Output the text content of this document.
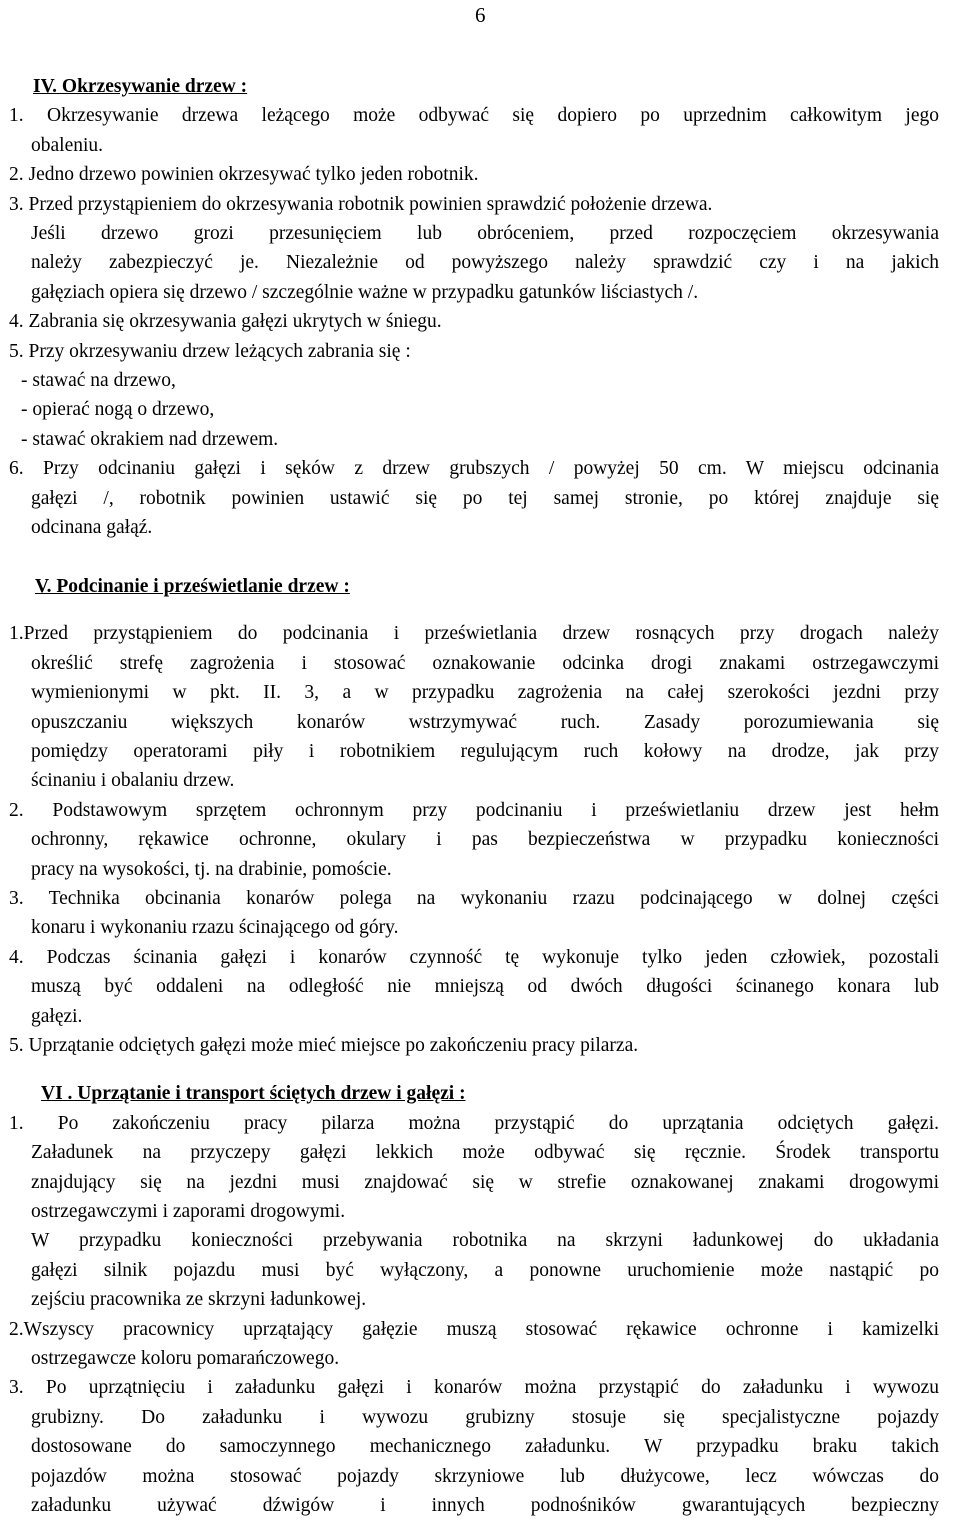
6
IV. Okrzesywanie drzew :
1. Okrzesywanie drzewa leżącego może odbywać się dopiero po uprzednim całkowitym jego
obaleniu.
2. Jedno drzewo powinien okrzesywać tylko jeden robotnik.
3. Przed przystąpieniem do okrzesywania robotnik powinien sprawdzić położenie drzewa.
Jeśli drzewo grozi przesunięciem lub obróceniem, przed rozpoczęciem okrzesywania
należy zabezpieczyć je. Niezależnie od powyższego należy sprawdzić czy i na jakich
gałęziach opiera się drzewo / szczególnie ważne w przypadku gatunków liściastych /.
4. Zabrania się okrzesywania gałęzi ukrytych w śniegu.
5. Przy okrzesywaniu drzew leżących zabrania się :
- stawać na drzewo,
- opierać nogą o drzewo,
- stawać okrakiem nad drzewem.
6. Przy odcinaniu gałęzi i sęków z drzew grubszych / powyżej 50 cm. W miejscu odcinania
gałęzi /, robotnik powinien ustawić się po tej samej stronie, po której znajduje się
odcinana gałąź.
V. Podcinanie i prześwietlanie drzew :
1.Przed przystąpieniem do podcinania i prześwietlania drzew rosnących przy drogach należy
określić strefę zagrożenia i stosować oznakowanie odcinka drogi znakami ostrzegawczymi
wymienionymi w pkt. II. 3, a w przypadku zagrożenia na całej szerokości jezdni przy
opuszczaniu większych konarów wstrzymywać ruch. Zasady porozumiewania się
pomiędzy operatorami piły i robotnikiem regulującym ruch kołowy na drodze, jak przy
ścinaniu i obalaniu drzew.
2. Podstawowym sprzętem ochronnym przy podcinaniu i prześwietlaniu drzew jest hełm
ochronny, rękawice ochronne, okulary i pas bezpieczeństwa w przypadku konieczności
pracy na wysokości, tj. na drabinie, pomoście.
3. Technika obcinania konarów polega na wykonaniu rzazu podcinającego w dolnej części
konaru i wykonaniu rzazu ścinającego od góry.
4. Podczas ścinania gałęzi i konarów czynność tę wykonuje tylko jeden człowiek, pozostali
muszą być oddaleni na odległość nie mniejszą od dwóch długości ścinanego konara lub
gałęzi.
5. Uprzątanie odciętych gałęzi może mieć miejsce po zakończeniu pracy pilarza.
VI . Uprzątanie i transport ściętych drzew i gałęzi :
1. Po zakończeniu pracy pilarza można przystąpić do uprzątania odciętych gałęzi.
Załadunek na przyczepy gałęzi lekkich może odbywać się ręcznie. Środek transportu
znajdujący się na jezdni musi znajdować się w strefie oznakowanej znakami drogowymi
ostrzegawczymi i zaporami drogowymi.
W przypadku konieczności przebywania robotnika na skrzyni ładunkowej do układania
gałęzi silnik pojazdu musi być wyłączony, a ponowne uruchomienie może nastąpić po
zejściu pracownika ze skrzyni ładunkowej.
2.Wszyscy pracownicy uprzątający gałęzie muszą stosować rękawice ochronne i kamizelki
ostrzegawcze koloru pomarańczowego.
3. Po uprzątnięciu i załadunku gałęzi i konarów można przystąpić do załadunku i wywozu
grubizny. Do załadunku i wywozu grubizny stosuje się specjalistyczne pojazdy
dostosowane do samoczynnego mechanicznego załadunku. W przypadku braku takich
pojazdów można stosować pojazdy skrzyniowe lub dłużycowe, lecz wówczas do
załadunku używać dźwigów i innych podnośników gwarantujących bezpieczny
